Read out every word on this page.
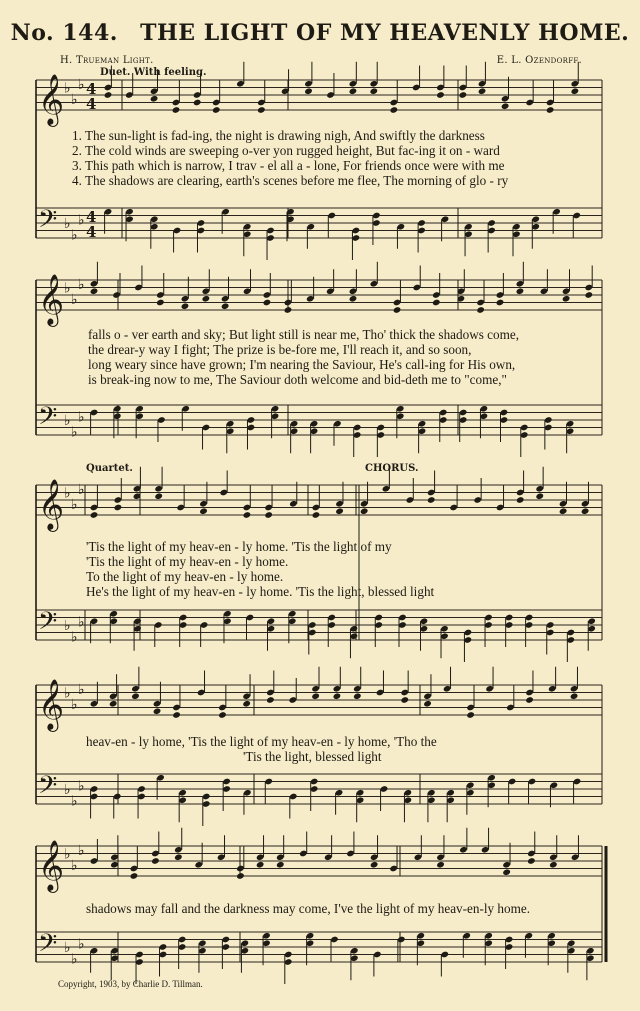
No. 144. THE LIGHT OF MY HEAVENLY HOME.
H. Trueman Light.	E. L. Ozendorff.
Duet. With feeling.
Quartet.	CHORUS.
𝄞 ♭
♭
♭ 4
4
𝄢 ♭
♭
♭ 4
4
𝄞 ♭
♭
♭
𝄢 ♭
♭
♭
𝄞 ♭
♭
♭
𝄢 ♭
♭
♭
𝄞 ♭
♭
♭
𝄢 ♭
♭
♭
𝄞 ♭
♭
♭
𝄢 ♭
♭
♭
1. The sun-light is fad-ing, the night is drawing nigh, And swiftly the darkness
2. The cold winds are sweeping o-ver yon rugged height, But fac-ing it on - ward
3. This path which is narrow, I trav - el all a - lone, For friends once were with me
4. The shadows are clearing, earth's scenes before me flee, The morning of glo - ry
falls o - ver earth and sky; But light still is near me, Tho' thick the shadows come,
the drear-y way I fight; The prize is be-fore me, I'll reach it, and so soon,
long weary since have grown; I'm nearing the Saviour, He's call-ing for His own,
is break-ing now to me, The Saviour doth welcome and bid-deth me to "come,"
'Tis the light of my heav-en - ly home. 'Tis the light of my
'Tis the light of my heav-en - ly home.
To the light of my heav-en - ly home.
He's the light of my heav-en - ly home. 'Tis the light, blessed light
heav-en - ly home, 'Tis the light of my heav-en - ly home, 'Tho the
'Tis the light, blessed light
shadows may fall and the darkness may come, I've the light of my heav-en-ly home.
Copyright, 1903, by Charlie D. Tillman.
